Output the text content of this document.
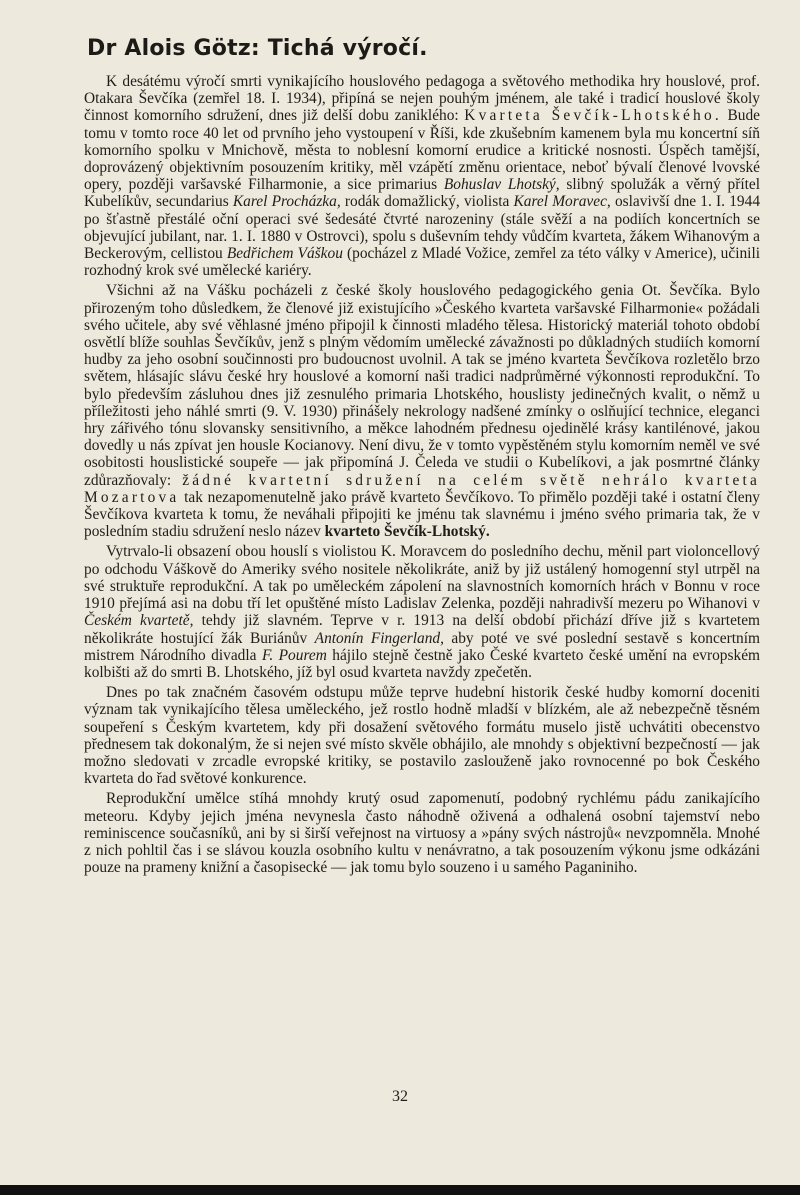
Dr Alois Götz: Tichá výročí.

K desátému výročí smrti vynikajícího houslového pedagoga a světového methodika hry houslové, prof. Otakara Ševčíka (zemřel 18. I. 1934), připíná se nejen pouhým jménem, ale také i tradicí houslové školy činnost komorního sdružení, dnes již delší dobu zaniklého: Kvarteta Ševčík-Lhotského. Bude tomu v tomto roce 40 let od prvního jeho vystoupení v Říši, kde zkušebním kamenem byla mu koncertní síň komorního spolku v Mnichově, města to noblesní komorní erudice a kritické nosnosti. Úspěch tamější, doprovázený objektivním posouzením kritiky, měl vzápětí změnu orientace, neboť bývalí členové lvovské opery, později varšavské Filharmonie, a sice primarius Bohuslav Lhotský, slibný spolužák a věrný přítel Kubelíkův, secundarius Karel Procházka, rodák domažlický, violista Karel Moravec, oslavivší dne 1. I. 1944 po šťastně přestálé oční operaci své šedesáté čtvrté narozeniny (stále svěží a na podiích koncertních se objevující jubilant, nar. 1. I. 1880 v Ostrovci), spolu s duševním tehdy vůdčím kvarteta, žákem Wihanovým a Beckerovým, cellistou Bedřichem Váškou (pocházel z Mladé Vožice, zemřel za této války v Americe), učinili rozhodný krok své umělecké kariéry.

Všichni až na Vášku pocházeli z české školy houslového pedagogického genia Ot. Ševčíka. Bylo přirozeným toho důsledkem, že členové již existujícího »Českého kvarteta varšavské Filharmonie« požádali svého učitele, aby své věhlasné jméno připojil k činnosti mladého tělesa. Historický materiál tohoto období osvětlí blíže souhlas Ševčíkův, jenž s plným vědomím umělecké závažnosti po důkladných studiích komorní hudby za jeho osobní součinnosti pro budoucnost uvolnil. A tak se jméno kvarteta Ševčíkova rozletělo brzo světem, hlásajíc slávu české hry houslové a komorní naši tradici nadprůměrné výkonnosti reprodukční. To bylo především zásluhou dnes již zesnulého primaria Lhotského, houslisty jedinečných kvalit, o němž u příležitosti jeho náhlé smrti (9. V. 1930) přinášely nekrology nadšené zmínky o oslňující technice, eleganci hry zářivého tónu slovansky sensitivního, a měkce lahodném přednesu ojedinělé krásy kantilénové, jakou dovedly u nás zpívat jen housle Kocianovy. Není divu, že v tomto vypěstěném stylu komorním neměl ve své osobitosti houslistické soupeře — jak připomíná J. Čeleda ve studii o Kubelíkovi, a jak posmrtné články zdůrazňovaly: žádné kvartetní sdružení na celém světě nehrálo kvarteta Mozartova tak nezapomenutelně jako právě kvarteto Ševčíkovo. To přimělo později také i ostatní členy Ševčíkova kvarteta k tomu, že neváhali připojiti ke jménu tak slavnému i jméno svého primaria tak, že v posledním stadiu sdružení neslo název kvarteto Ševčík-Lhotský.

Vytrvalo-li obsazení obou houslí s violistou K. Moravcem do posledního dechu, měnil part violoncellový po odchodu Váškově do Ameriky svého nositele několikráte, aniž by již ustálený homogenní styl utrpěl na své struktuře reprodukční. A tak po uměleckém zápolení na slavnostních komorních hrách v Bonnu v roce 1910 přejímá asi na dobu tří let opuštěné místo Ladislav Zelenka, později nahradivší mezeru po Wihanovi v Českém kvartetě, tehdy již slavném. Teprve v r. 1913 na delší období přichází dříve již s kvartetem několikráte hostující žák Buriánův Antonín Fingerland, aby poté ve své poslední sestavě s koncertním mistrem Národního divadla F. Pourem hájilo stejně čestně jako České kvarteto české umění na evropském kolbišti až do smrti B. Lhotského, jíž byl osud kvarteta navždy zpečetěn.

Dnes po tak značném časovém odstupu může teprve hudební historik české hudby komorní doceniti význam tak vynikajícího tělesa uměleckého, jež rostlo hodně mladší v blízkém, ale až nebezpečně těsném soupeření s Českým kvartetem, kdy při dosažení světového formátu muselo jistě uchvátiti obecenstvo přednesem tak dokonalým, že si nejen své místo skvěle obhájilo, ale mnohdy s objektivní bezpečností — jak možno sledovati v zrcadle evropské kritiky, se postavilo zaslouženě jako rovnocenné po bok Českého kvarteta do řad světové konkurence.

Reprodukční umělce stíhá mnohdy krutý osud zapomenutí, podobný rychlému pádu zanikajícího meteoru. Kdyby jejich jména nevynesla často náhodně oživená a odhalená osobní tajemství nebo reminiscence současníků, ani by si širší veřejnost na virtuosy a »pány svých nástrojů« nevzpomněla. Mnohé z nich pohltil čas i se slávou kouzla osobního kultu v nenávratno, a tak posouzením výkonu jsme odkázáni pouze na prameny knižní a časopisecké — jak tomu bylo souzeno i u samého Paganiniho.

32
